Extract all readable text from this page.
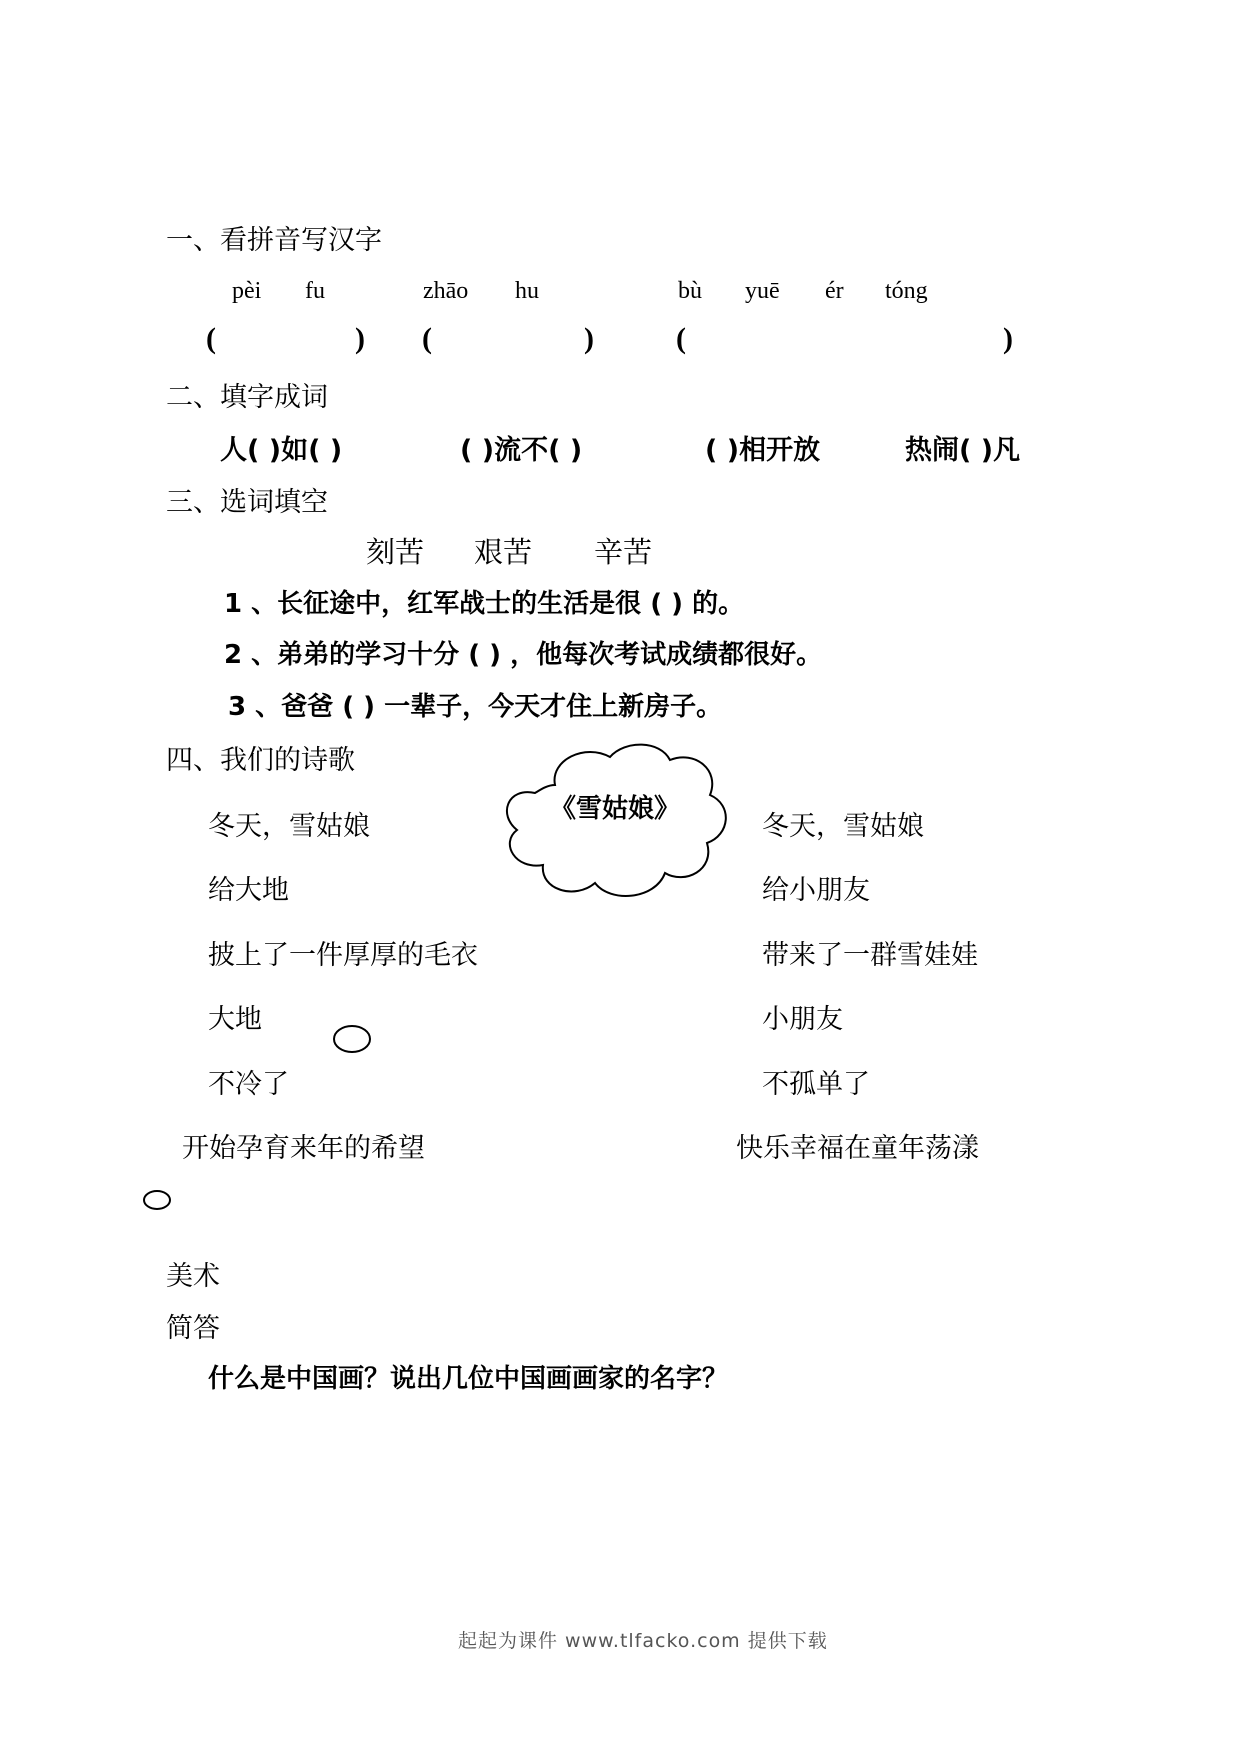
一、看拼音写汉字
pèi fu	zhāo hu	bù yuē ér tóng
(	) (	)	(	)
二、填字成词
人( )如( )	( )流不( )	( )相开放	热闹( )凡
三、选词填空
刻苦 艰苦 辛苦
1 、长征途中，红军战士的生活是很 ( ) 的。
2 、弟弟的学习十分 ( ) ，他每次考试成绩都很好。
3 、爸爸 ( ) 一辈子，今天才住上新房子。
四、我们的诗歌
《雪姑娘》
冬天，雪姑娘
给大地
披上了一件厚厚的毛衣
大地
不冷了
开始孕育来年的希望
冬天，雪姑娘
给小朋友
带来了一群雪娃娃
小朋友
不孤单了
快乐幸福在童年荡漾
美术
简答
什么是中国画？说出几位中国画画家的名字？
起起为课件 www.tlfacko.com 提供下载
